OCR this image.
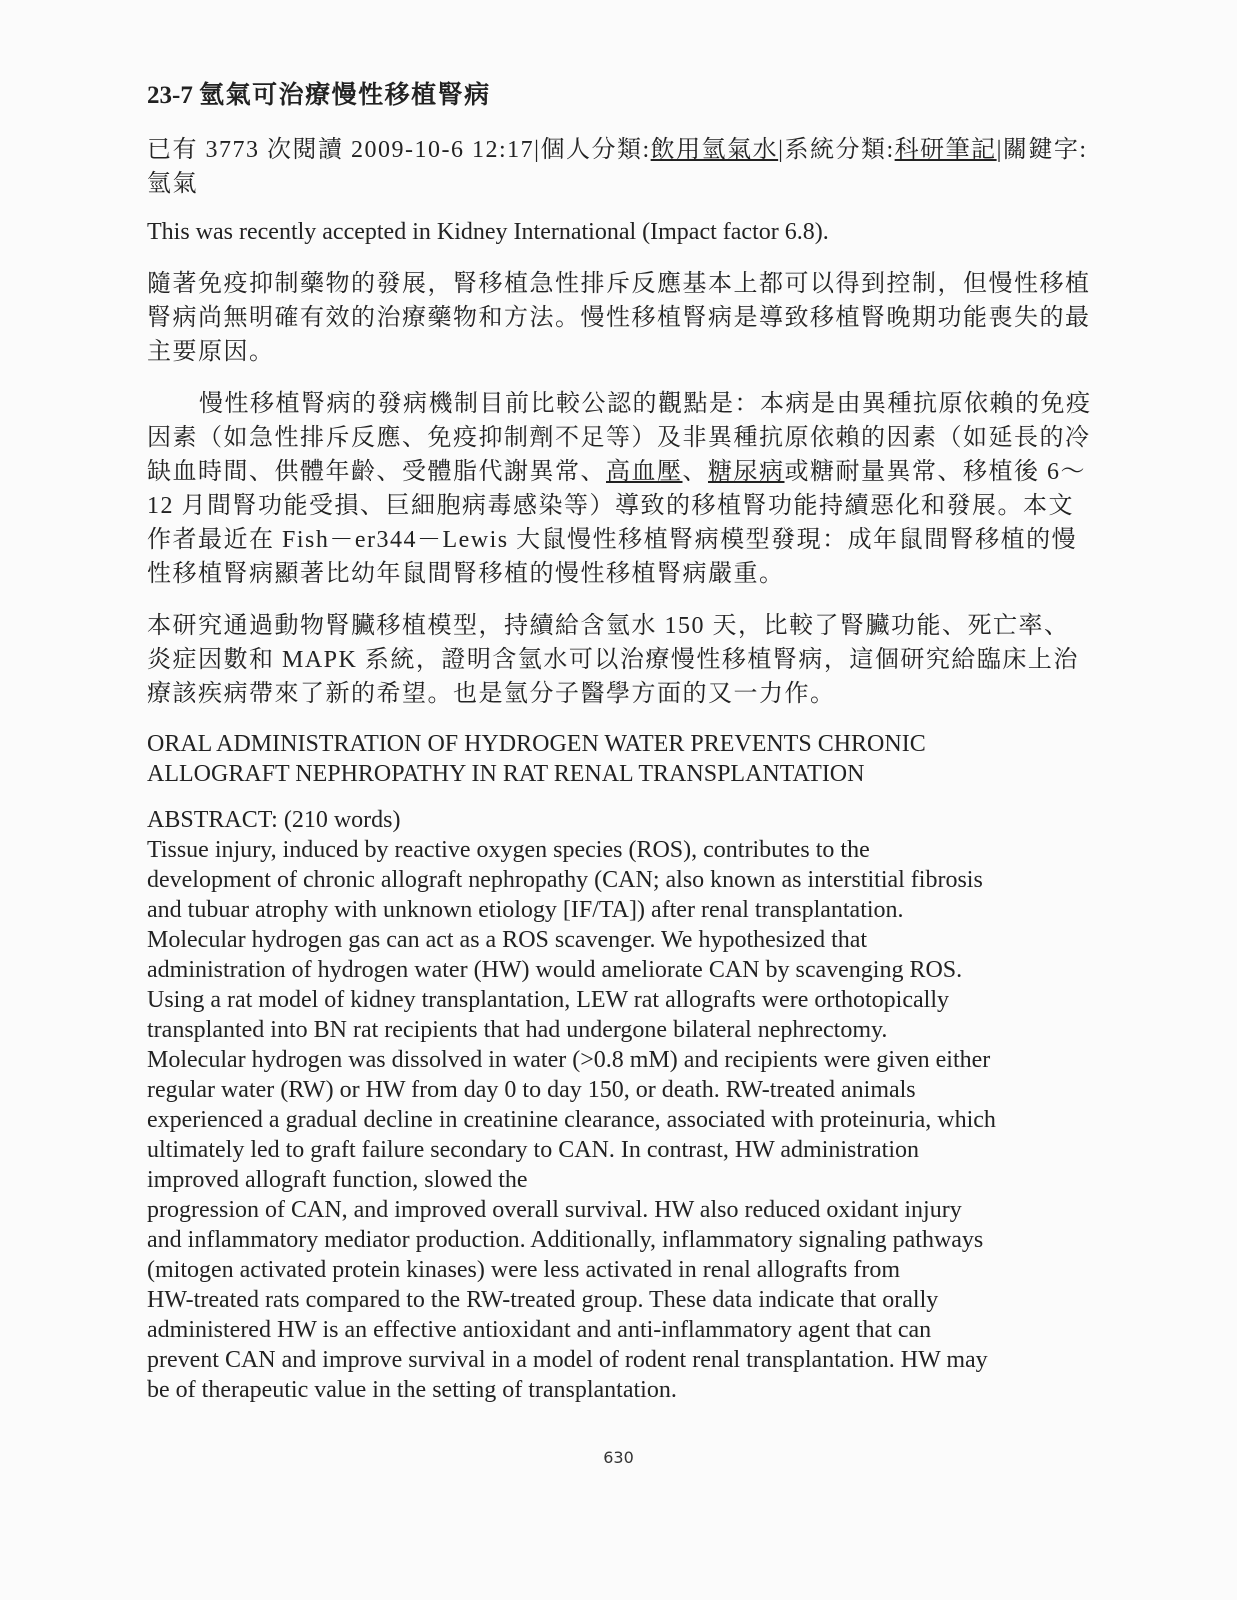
23-7 氫氣可治療慢性移植腎病
已有 3773 次閱讀 2009-10-6 12:17|個人分類:飲用氫氣水|系統分類:科研筆記|關鍵字:氫氣

This was recently accepted in Kidney International (Impact factor 6.8).

隨著免疫抑制藥物的發展，腎移植急性排斥反應基本上都可以得到控制，但慢性移植腎病尚無明確有效的治療藥物和方法。慢性移植腎病是導致移植腎晚期功能喪失的最主要原因。

慢性移植腎病的發病機制目前比較公認的觀點是：本病是由異種抗原依賴的免疫因素（如急性排斥反應、免疫抑制劑不足等）及非異種抗原依賴的因素（如延長的冷缺血時間、供體年齡、受體脂代謝異常、高血壓、糖尿病或糖耐量異常、移植後 6～12 月間腎功能受損、巨細胞病毒感染等）導致的移植腎功能持續惡化和發展。本文作者最近在 Fish－er344－Lewis 大鼠慢性移植腎病模型發現：成年鼠間腎移植的慢性移植腎病顯著比幼年鼠間腎移植的慢性移植腎病嚴重。

本研究通過動物腎臟移植模型，持續給含氫水 150 天，比較了腎臟功能、死亡率、炎症因數和 MAPK 系統，證明含氫水可以治療慢性移植腎病，這個研究給臨床上治療該疾病帶來了新的希望。也是氫分子醫學方面的又一力作。

ORAL ADMINISTRATION OF HYDROGEN WATER PREVENTS CHRONIC
ALLOGRAFT NEPHROPATHY IN RAT RENAL TRANSPLANTATION
ABSTRACT: (210 words)
Tissue injury, induced by reactive oxygen species (ROS), contributes to the
development of chronic allograft nephropathy (CAN; also known as interstitial fibrosis
and tubuar atrophy with unknown etiology [IF/TA]) after renal transplantation.
Molecular hydrogen gas can act as a ROS scavenger. We hypothesized that
administration of hydrogen water (HW) would ameliorate CAN by scavenging ROS.
Using a rat model of kidney transplantation, LEW rat allografts were orthotopically
transplanted into BN rat recipients that had undergone bilateral nephrectomy.
Molecular hydrogen was dissolved in water (>0.8 mM) and recipients were given either
regular water (RW) or HW from day 0 to day 150, or death. RW-treated animals
experienced a gradual decline in creatinine clearance, associated with proteinuria, which
ultimately led to graft failure secondary to CAN. In contrast, HW administration
improved allograft function, slowed the
progression of CAN, and improved overall survival. HW also reduced oxidant injury
and inflammatory mediator production. Additionally, inflammatory signaling pathways
(mitogen activated protein kinases) were less activated in renal allografts from
HW-treated rats compared to the RW-treated group. These data indicate that orally
administered HW is an effective antioxidant and anti-inflammatory agent that can
prevent CAN and improve survival in a model of rodent renal transplantation. HW may
be of therapeutic value in the setting of transplantation.
630
